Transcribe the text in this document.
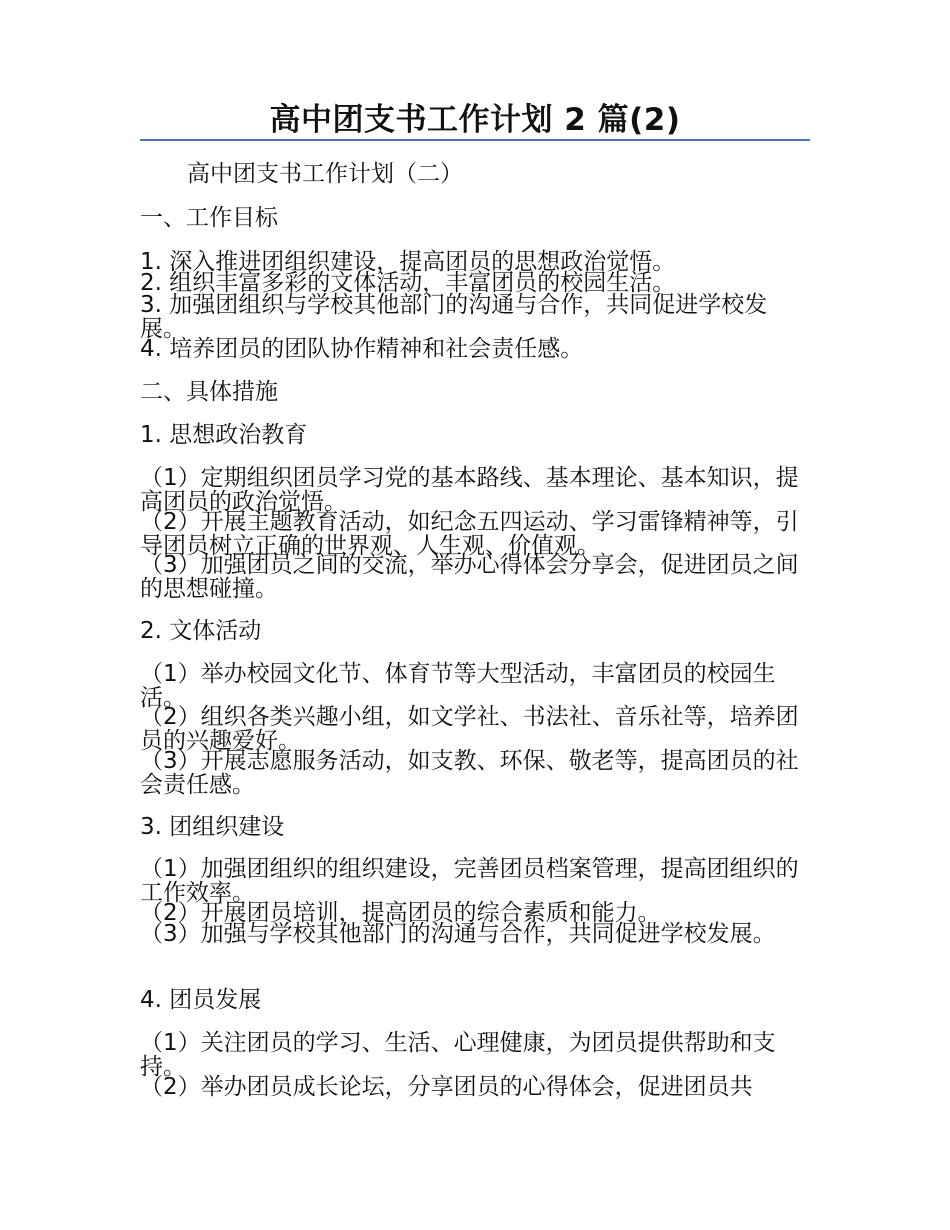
高中团支书工作计划 2 篇(2)
高中团支书工作计划（二）
一、工作目标
1. 深入推进团组织建设，提高团员的思想政治觉悟。
2. 组织丰富多彩的文体活动，丰富团员的校园生活。
3. 加强团组织与学校其他部门的沟通与合作，共同促进学校发展。
4. 培养团员的团队协作精神和社会责任感。
二、具体措施
1. 思想政治教育
（1）定期组织团员学习党的基本路线、基本理论、基本知识，提高团员的政治觉悟。
（2）开展主题教育活动，如纪念五四运动、学习雷锋精神等，引导团员树立正确的世界观、人生观、价值观。
（3）加强团员之间的交流，举办心得体会分享会，促进团员之间的思想碰撞。
2. 文体活动
（1）举办校园文化节、体育节等大型活动，丰富团员的校园生活。
（2）组织各类兴趣小组，如文学社、书法社、音乐社等，培养团员的兴趣爱好。
（3）开展志愿服务活动，如支教、环保、敬老等，提高团员的社会责任感。
3. 团组织建设
（1）加强团组织的组织建设，完善团员档案管理，提高团组织的工作效率。
（2）开展团员培训，提高团员的综合素质和能力。
（3）加强与学校其他部门的沟通与合作，共同促进学校发展。
4. 团员发展
（1）关注团员的学习、生活、心理健康，为团员提供帮助和支持。
（2）举办团员成长论坛，分享团员的心得体会，促进团员共
